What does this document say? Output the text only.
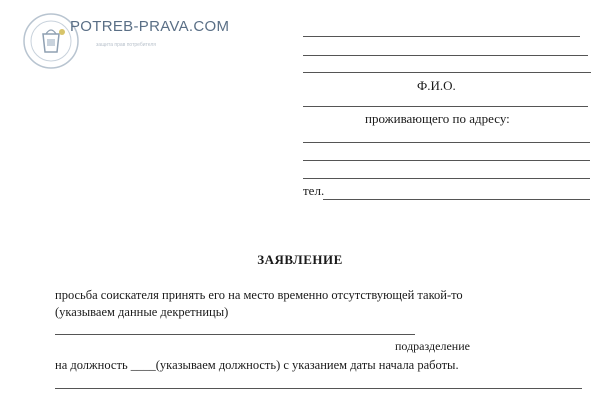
POTREB-PRAVA.COM
защита прав потребителя
Ф.И.О.
проживающего по адресу:
тел.
ЗАЯВЛЕНИЕ
просьба соискателя принять его на место временно отсутствующей такой-то
(указываем данные декретницы)
подразделение
на должность ____(указываем должность) с указанием даты начала работы.
